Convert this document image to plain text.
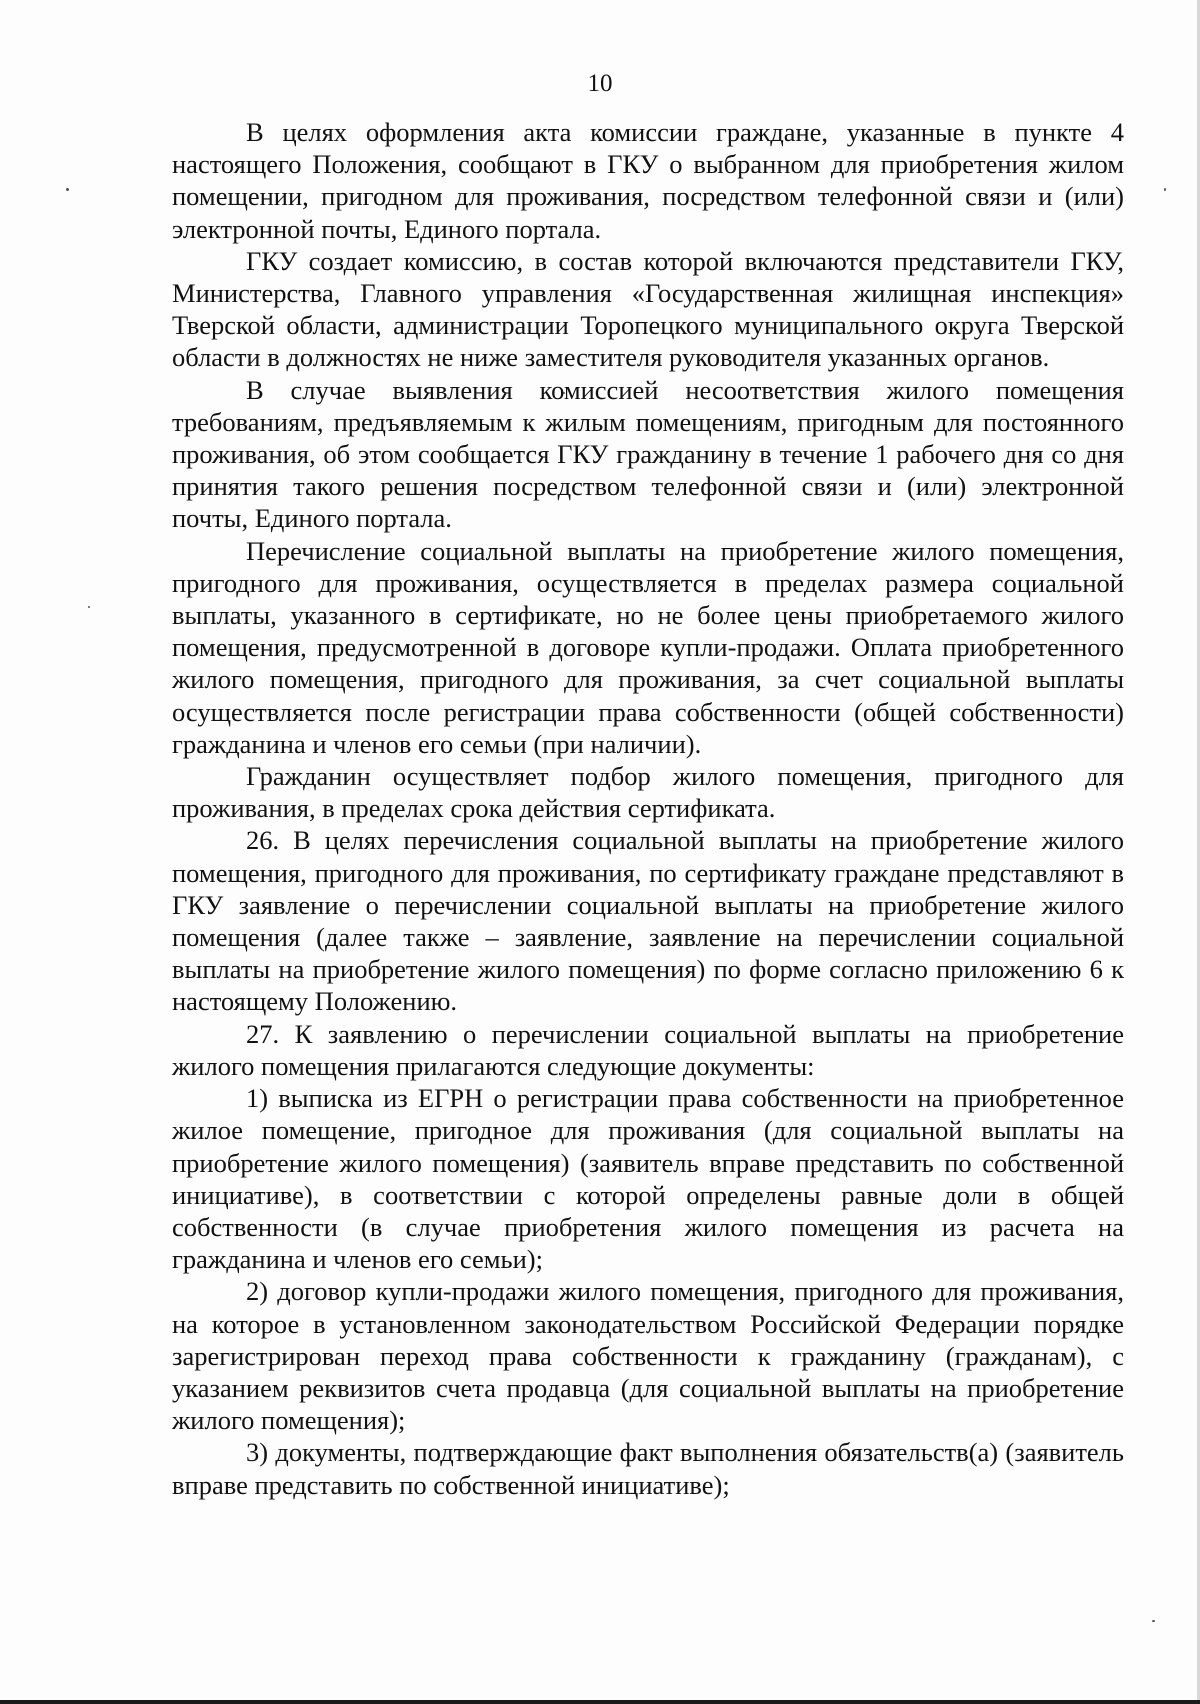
10

В целях оформления акта комиссии граждане, указанные в пункте 4 настоящего Положения, сообщают в ГКУ о выбранном для приобретения жилом помещении, пригодном для проживания, посредством телефонной связи и (или) электронной почты, Единого портала.

ГКУ создает комиссию, в состав которой включаются представители ГКУ, Министерства, Главного управления «Государственная жилищная инспекция» Тверской области, администрации Торопецкого муниципального округа Тверской области в должностях не ниже заместителя руководителя указанных органов.

В случае выявления комиссией несоответствия жилого помещения требованиям, предъявляемым к жилым помещениям, пригодным для постоянного проживания, об этом сообщается ГКУ гражданину в течение 1 рабочего дня со дня принятия такого решения посредством телефонной связи и (или) электронной почты, Единого портала.

Перечисление социальной выплаты на приобретение жилого помещения, пригодного для проживания, осуществляется в пределах размера социальной выплаты, указанного в сертификате, но не более цены приобретаемого жилого помещения, предусмотренной в договоре купли-продажи. Оплата приобретенного жилого помещения, пригодного для проживания, за счет социальной выплаты осуществляется после регистрации права собственности (общей собственности) гражданина и членов его семьи (при наличии).

Гражданин осуществляет подбор жилого помещения, пригодного для проживания, в пределах срока действия сертификата.

26. В целях перечисления социальной выплаты на приобретение жилого помещения, пригодного для проживания, по сертификату граждане представляют в ГКУ заявление о перечислении социальной выплаты на приобретение жилого помещения (далее также – заявление, заявление на перечислении социальной выплаты на приобретение жилого помещения) по форме согласно приложению 6 к настоящему Положению.

27. К заявлению о перечислении социальной выплаты на приобретение жилого помещения прилагаются следующие документы:

1) выписка из ЕГРН о регистрации права собственности на приобретенное жилое помещение, пригодное для проживания (для социальной выплаты на приобретение жилого помещения) (заявитель вправе представить по собственной инициативе), в соответствии с которой определены равные доли в общей собственности (в случае приобретения жилого помещения из расчета на гражданина и членов его семьи);

2) договор купли-продажи жилого помещения, пригодного для проживания, на которое в установленном законодательством Российской Федерации порядке зарегистрирован переход права собственности к гражданину (гражданам), с указанием реквизитов счета продавца (для социальной выплаты на приобретение жилого помещения);

3) документы, подтверждающие факт выполнения обязательств(а) (заявитель вправе представить по собственной инициативе);
